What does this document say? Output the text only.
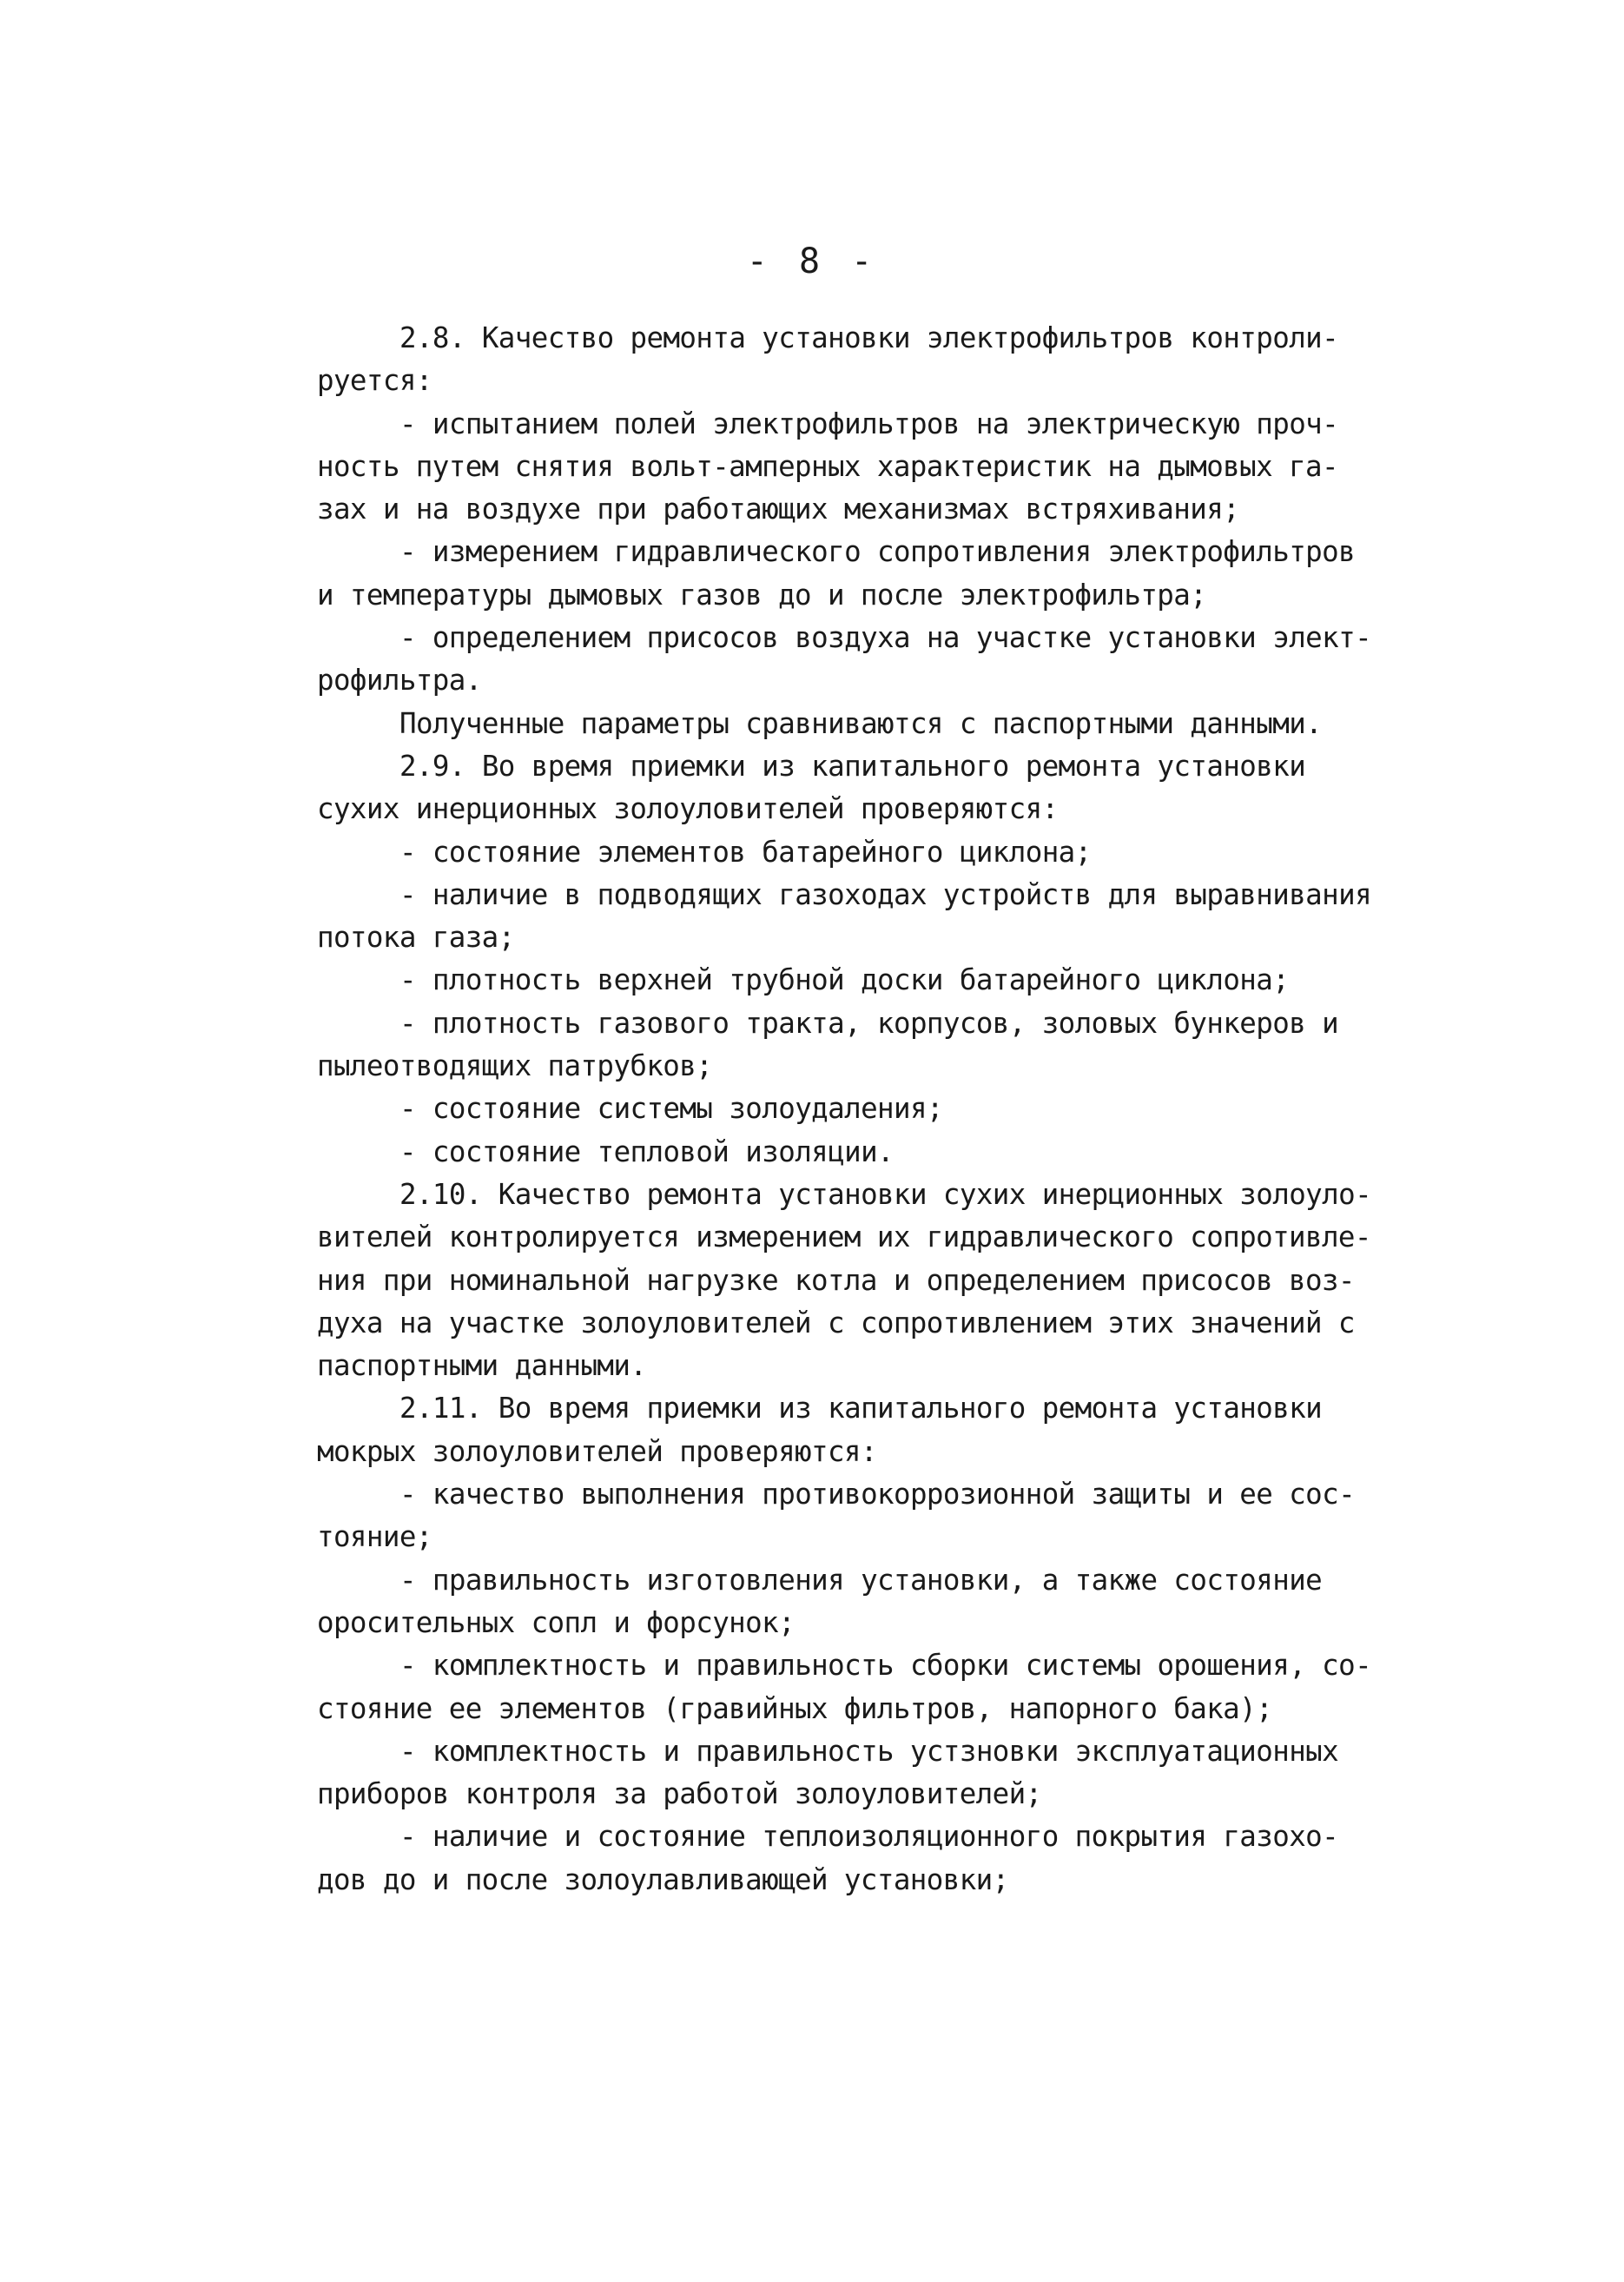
- 8 -
2.8. Качество ремонта установки электрофильтров контроли-
руется:
- испытанием полей электрофильтров на электрическую проч-
ность путем снятия вольт-амперных характеристик на дымовых га-
зах и на воздухе при работающих механизмах встряхивания;
- измерением гидравлического сопротивления электрофильтров
и температуры дымовых газов до и после электрофильтра;
- определением присосов воздуха на участке установки элект-
рофильтра.
Полученные параметры сравниваются с паспортными данными.
2.9. Во время приемки из капитального ремонта установки
сухих инерционных золоуловителей проверяются:
- состояние элементов батарейного циклона;
- наличие в подводящих газоходах устройств для выравнивания
потока газа;
- плотность верхней трубной доски батарейного циклона;
- плотность газового тракта, корпусов, золовых бункеров и
пылеотводящих патрубков;
- состояние системы золоудаления;
- состояние тепловой изоляции.
2.10. Качество ремонта установки сухих инерционных золоуло-
вителей контролируется измерением их гидравлического сопротивле-
ния при номинальной нагрузке котла и определением присосов воз-
духа на участке золоуловителей с сопротивлением этих значений с
паспортными данными.
2.11. Во время приемки из капитального ремонта установки
мокрых золоуловителей проверяются:
- качество выполнения противокоррозионной защиты и ее сос-
тояние;
- правильность изготовления установки, а также состояние
оросительных сопл и форсунок;
- комплектность и правильность сборки системы орошения, со-
стояние ее элементов (гравийных фильтров, напорного бака);
- комплектность и правильность устзновки эксплуатационных
приборов контроля за работой золоуловителей;
- наличие и состояние теплоизоляционного покрытия газохо-
дов до и после золоулавливающей установки;
